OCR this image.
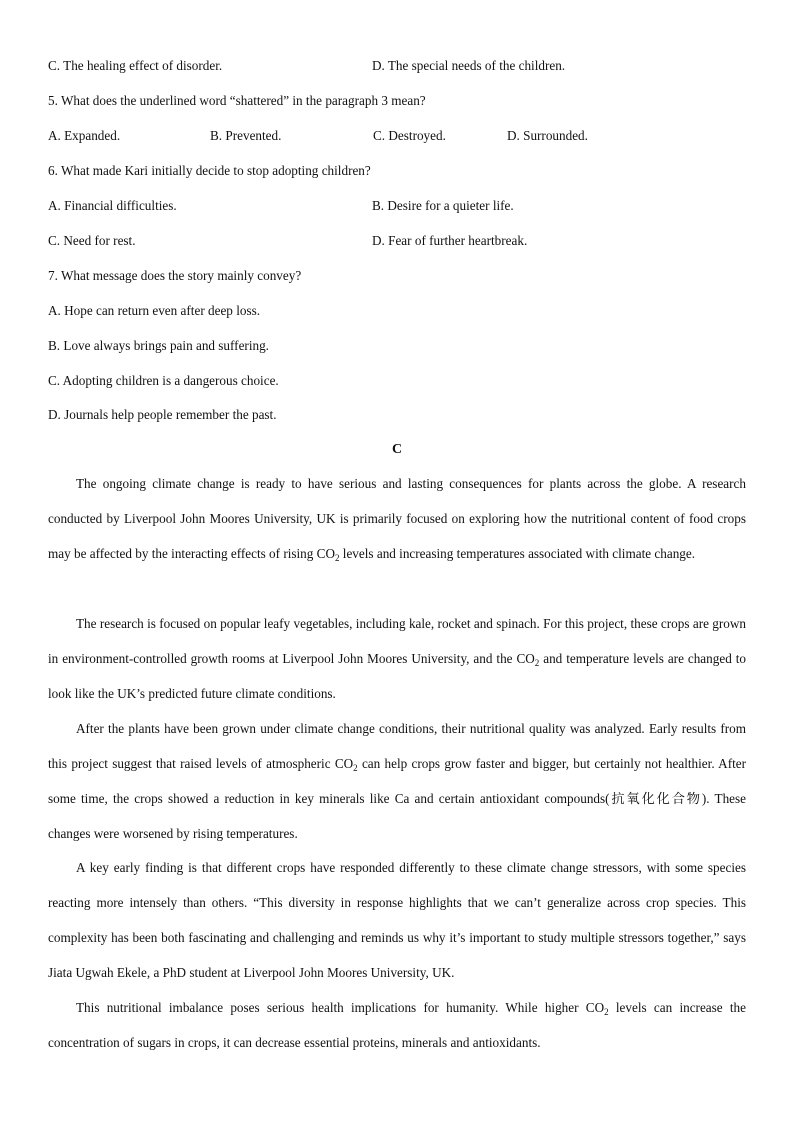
C. The healing effect of disorder.	D. The special needs of the children.
5. What does the underlined word “shattered” in the paragraph 3 mean?
A. Expanded.	B. Prevented.	C. Destroyed.	D. Surrounded.
6. What made Kari initially decide to stop adopting children?
A. Financial difficulties.	B. Desire for a quieter life.
C. Need for rest.	D. Fear of further heartbreak.
7. What message does the story mainly convey?
A. Hope can return even after deep loss.
B. Love always brings pain and suffering.
C. Adopting children is a dangerous choice.
D. Journals help people remember the past.
C
The ongoing climate change is ready to have serious and lasting consequences for plants across the globe. A research conducted by Liverpool John Moores University, UK is primarily focused on exploring how the nutritional content of food crops may be affected by the interacting effects of rising $CO_2$ levels and increasing temperatures associated with climate change.
The research is focused on popular leafy vegetables, including kale, rocket and spinach. For this project, these crops are grown in environment-controlled growth rooms at Liverpool John Moores University, and the $CO_2$ and temperature levels are changed to look like the UK’s predicted future climate conditions.
After the plants have been grown under climate change conditions, their nutritional quality was analyzed. Early results from this project suggest that raised levels of atmospheric $CO_2$ can help crops grow faster and bigger, but certainly not healthier. After some time, the crops showed a reduction in key minerals like Ca and certain antioxidant compounds(抗氧化化合物). These changes were worsened by rising temperatures.
A key early finding is that different crops have responded differently to these climate change stressors, with some species reacting more intensely than others. “This diversity in response highlights that we can’t generalize across crop species. This complexity has been both fascinating and challenging and reminds us why it’s important to study multiple stressors together,” says Jiata Ugwah Ekele, a PhD student at Liverpool John Moores University, UK.
This nutritional imbalance poses serious health implications for humanity. While higher $CO_2$ levels can increase the concentration of sugars in crops, it can decrease essential proteins, minerals and antioxidants.
